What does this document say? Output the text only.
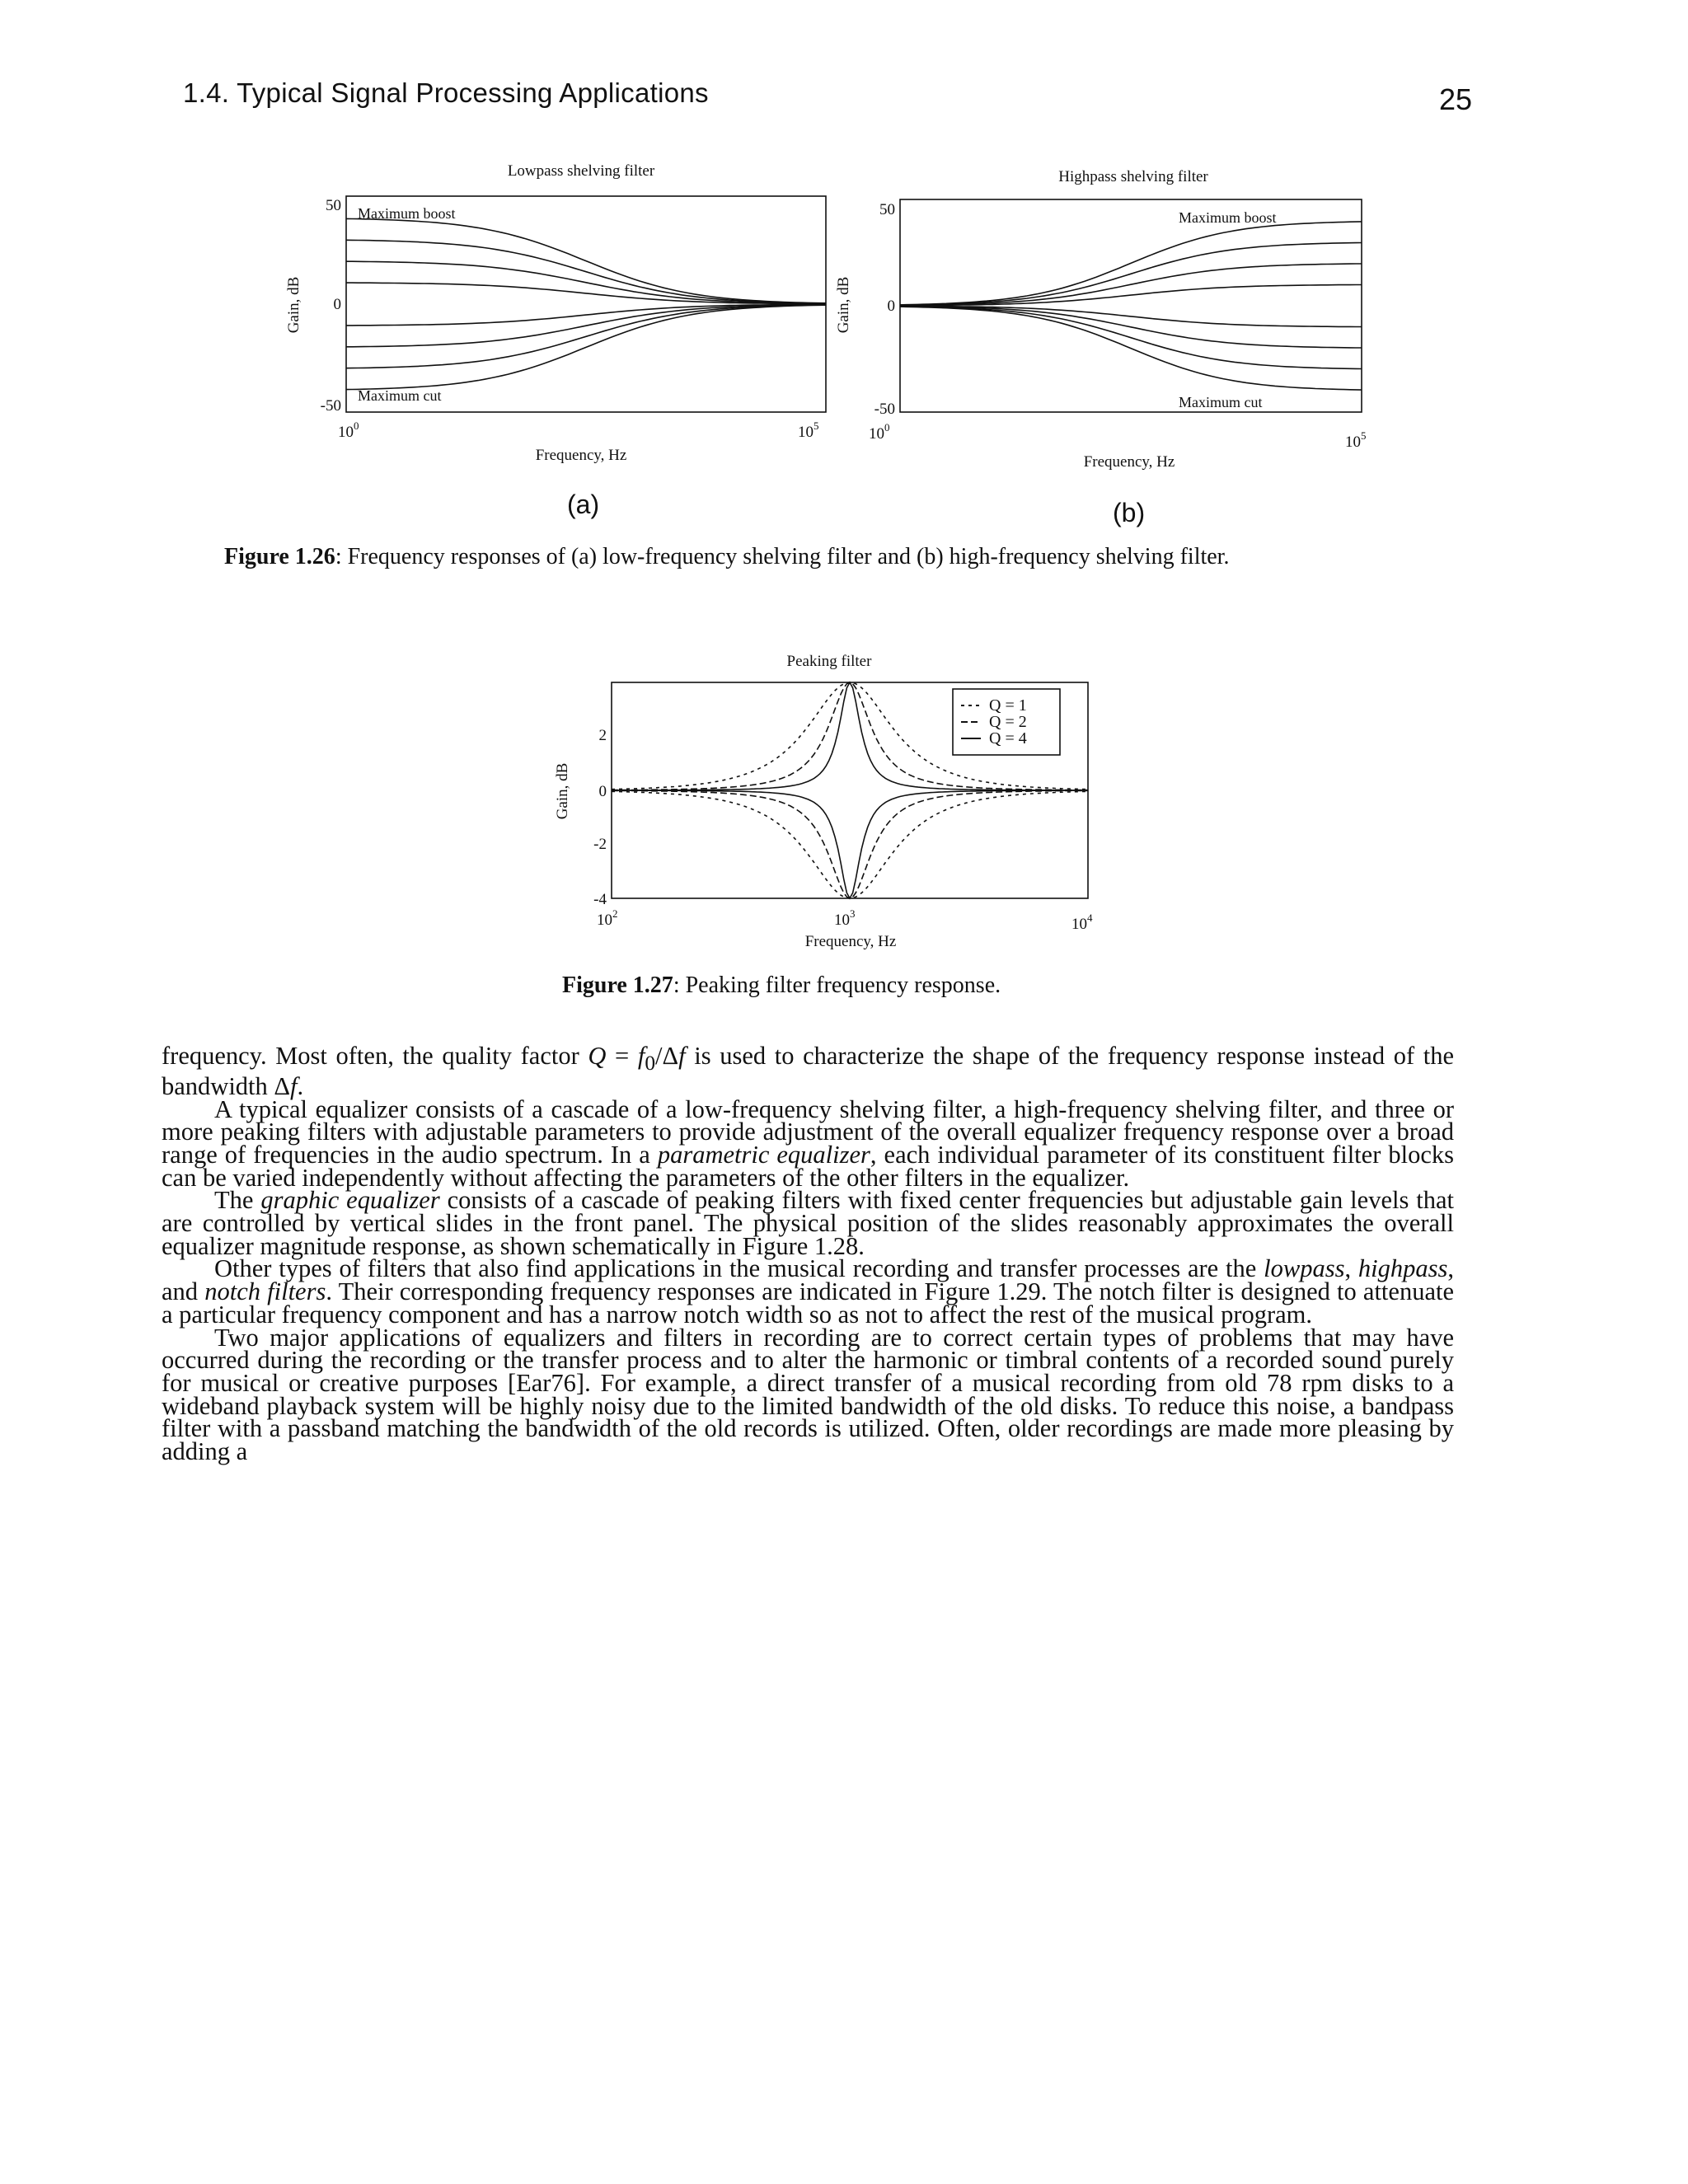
1.4. Typical Signal Processing Applications	25
Lowpass shelving filter
Maximum boost
Maximum cut
50
0
-50
Gain, dB
$10^0$	$10^5$
Frequency, Hz
Highpass shelving filter
Maximum boost
Maximum cut
50
0
-50
Gain, dB
$10^0$
$10^5$
Frequency, Hz
(a)	(b)
Figure 1.26: Frequency responses of (a) low-frequency shelving filter and (b) high-frequency shelving filter.
Peaking filter
Q = 1
Q = 2
Q = 4
2
0
-2
-4
Gain, dB
$10^2$	$10^3$
$10^4$
Frequency, Hz
Figure 1.27: Peaking filter frequency response.

frequency. Most often, the quality factor $Q = f_0/\Delta f$ is used to characterize the shape of the frequency response instead of the bandwidth Δf.

A typical equalizer consists of a cascade of a low-frequency shelving filter, a high-frequency shelving filter, and three or more peaking filters with adjustable parameters to provide adjustment of the overall equalizer frequency response over a broad range of frequencies in the audio spectrum. In a parametric equalizer, each individual parameter of its constituent filter blocks can be varied independently without affecting the parameters of the other filters in the equalizer.

The graphic equalizer consists of a cascade of peaking filters with fixed center frequencies but adjustable gain levels that are controlled by vertical slides in the front panel. The physical position of the slides reasonably approximates the overall equalizer magnitude response, as shown schematically in Figure 1.28.

Other types of filters that also find applications in the musical recording and transfer processes are the lowpass, highpass, and notch filters. Their corresponding frequency responses are indicated in Figure 1.29. The notch filter is designed to attenuate a particular frequency component and has a narrow notch width so as not to affect the rest of the musical program.

Two major applications of equalizers and filters in recording are to correct certain types of problems that may have occurred during the recording or the transfer process and to alter the harmonic or timbral contents of a recorded sound purely for musical or creative purposes [Ear76]. For example, a direct transfer of a musical recording from old 78 rpm disks to a wideband playback system will be highly noisy due to the limited bandwidth of the old disks. To reduce this noise, a bandpass filter with a passband matching the bandwidth of the old records is utilized. Often, older recordings are made more pleasing by adding a
